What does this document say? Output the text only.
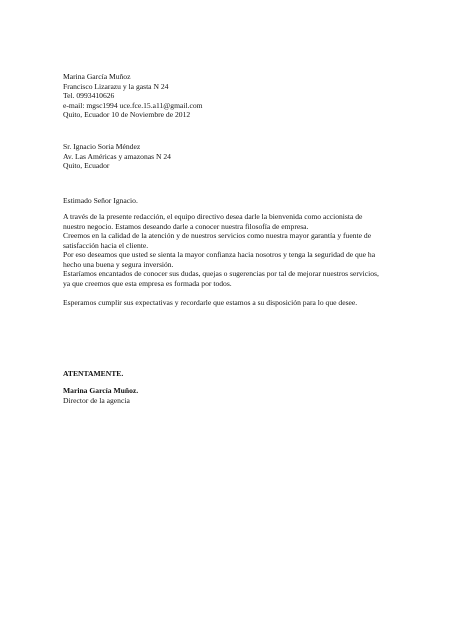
Marina García Muñoz
Francisco Lizarazu y la gasta N 24
Tel. 0993410626
e-mail: mgsc1994 uce.fce.15.a11@gmail.com
Quito, Ecuador 10 de Noviembre de 2012
Sr. Ignacio Soria Méndez
Av. Las Américas y amazonas N 24
Quito, Ecuador
Estimado Señor Ignacio.
A través de la presente redacción, el equipo directivo desea darle la bienvenida como accionista de
nuestro negocio. Estamos deseando darle a conocer nuestra filosofía de empresa.
Creemos en la calidad de la atención y de nuestros servicios como nuestra mayor garantía y fuente de
satisfacción hacia el cliente.
Por eso deseamos que usted se sienta la mayor confianza hacia nosotros y tenga la seguridad de que ha
hecho una buena y segura inversión.
Estaríamos encantados de conocer sus dudas, quejas o sugerencias por tal de mejorar nuestros servicios,
ya que creemos que esta empresa es formada por todos.
Esperamos cumplir sus expectativas y recordarle que estamos a su disposición para lo que desee.
ATENTAMENTE.
Marina García Muñoz.
Director de la agencia
